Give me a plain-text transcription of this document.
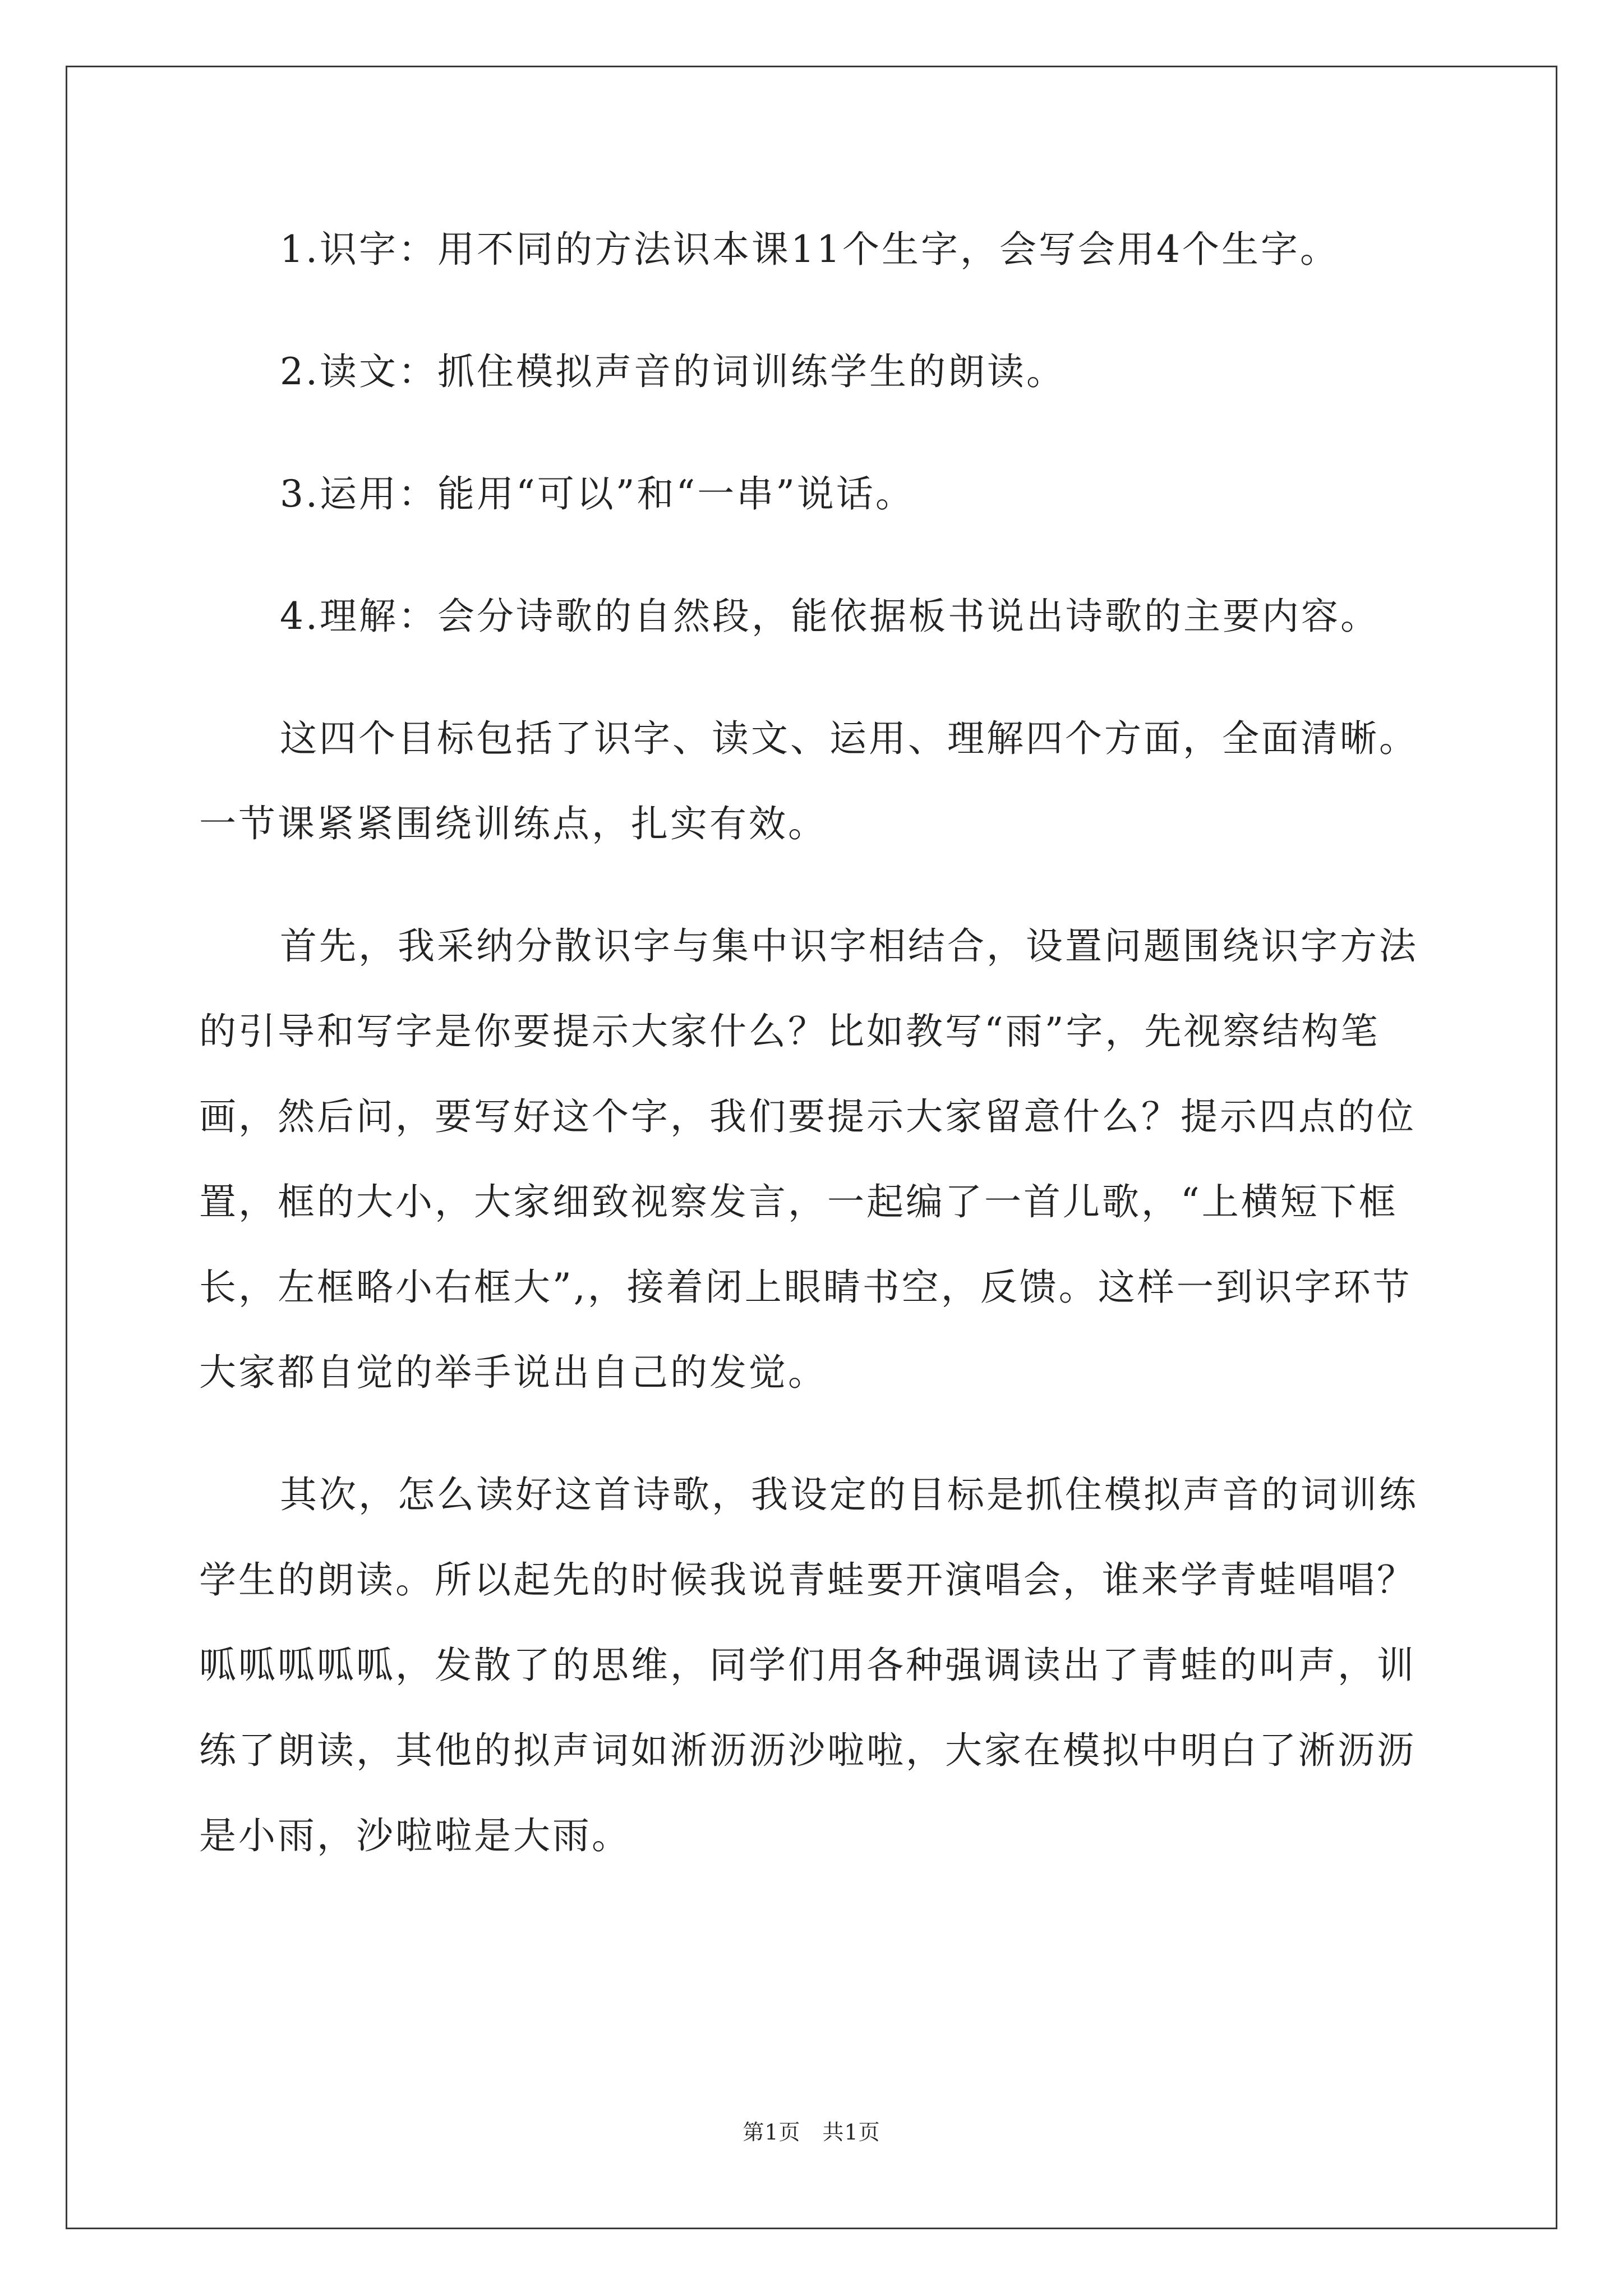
1.识字：用不同的方法识本课11个生字，会写会用4个生字。

2.读文：抓住模拟声音的词训练学生的朗读。

3.运用：能用“可以”和“一串”说话。

4.理解：会分诗歌的自然段，能依据板书说出诗歌的主要内容。

这四个目标包括了识字、读文、运用、理解四个方面，全面清晰。一节课紧紧围绕训练点，扎实有效。

首先，我采纳分散识字与集中识字相结合，设置问题围绕识字方法的引导和写字是你要提示大家什么？比如教写“雨”字，先视察结构笔画，然后问，要写好这个字，我们要提示大家留意什么？提示四点的位置，框的大小，大家细致视察发言，一起编了一首儿歌，“上横短下框长，左框略小右框大”,，接着闭上眼睛书空，反馈。这样一到识字环节大家都自觉的举手说出自己的发觉。

其次，怎么读好这首诗歌，我设定的目标是抓住模拟声音的词训练学生的朗读。所以起先的时候我说青蛙要开演唱会，谁来学青蛙唱唱？呱呱呱呱呱，发散了的思维，同学们用各种强调读出了青蛙的叫声，训练了朗读，其他的拟声词如淅沥沥沙啦啦，大家在模拟中明白了淅沥沥是小雨，沙啦啦是大雨。

第1页　共1页
